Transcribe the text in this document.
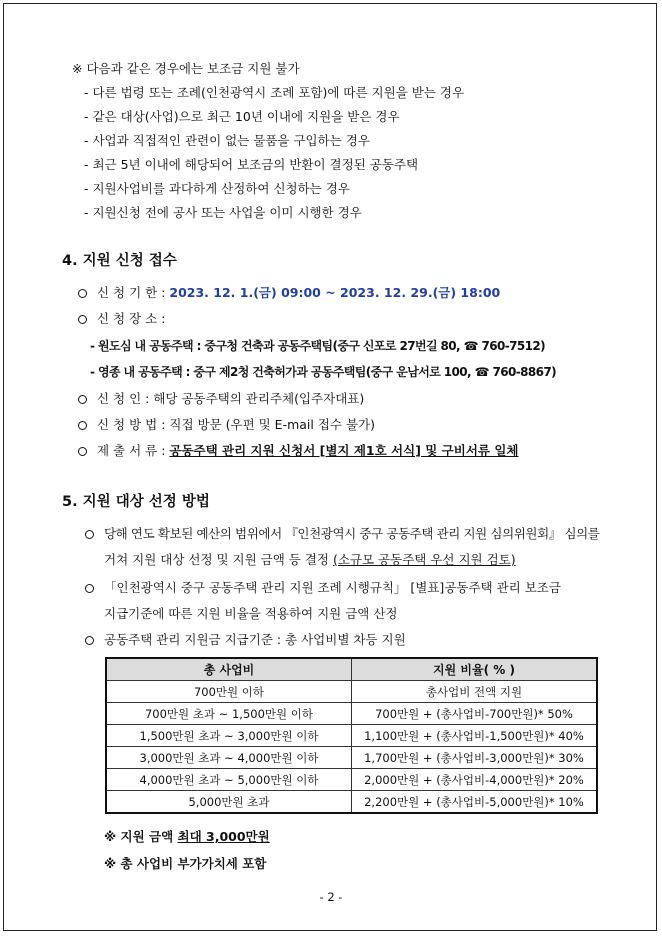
※ 다음과 같은 경우에는 보조금 지원 불가
- 다른 법령 또는 조례(인천광역시 조례 포함)에 따른 지원을 받는 경우
- 같은 대상(사업)으로 최근 10년 이내에 지원을 받은 경우
- 사업과 직접적인 관련이 없는 물품을 구입하는 경우
- 최근 5년 이내에 해당되어 보조금의 반환이 결정된 공동주택
- 지원사업비를 과다하게 산정하여 신청하는 경우
- 지원신청 전에 공사 또는 사업을 이미 시행한 경우
4. 지원 신청 접수
신 청 기 한 : 2023. 12. 1.(금) 09:00 ~ 2023. 12. 29.(금) 18:00
신 청 장 소 :
- 원도심 내 공동주택 : 중구청 건축과 공동주택팀(중구 신포로 27번길 80, ☎ 760-7512)
- 영종 내 공동주택 : 중구 제2청 건축허가과 공동주택팀(중구 운남서로 100, ☎ 760-8867)
신 청 인 : 해당 공동주택의 관리주체(입주자대표)
신 청 방 법 : 직접 방문 (우편 및 E-mail 접수 불가)
제 출 서 류 : 공동주택 관리 지원 신청서 [별지 제1호 서식] 및 구비서류 일체
5. 지원 대상 선정 방법
당해 연도 확보된 예산의 범위에서 『인천광역시 중구 공동주택 관리 지원 심의위원회』 심의를
거쳐 지원 대상 선정 및 지원 금액 등 결정 (소규모 공동주택 우선 지원 검토)
「인천광역시 중구 공동주택 관리 지원 조례 시행규칙」 [별표]공동주택 관리 보조금
지급기준에 따른 지원 비율을 적용하여 지원 금액 산정
공동주택 관리 지원금 지급기준 : 총 사업비별 차등 지원
총 사업비	지원 비율( % )
700만원 이하	총사업비 전액 지원
700만원 초과 ~ 1,500만원 이하	700만원 + (총사업비-700만원)* 50%
1,500만원 초과 ~ 3,000만원 이하	1,100만원 + (총사업비-1,500만원)* 40%
3,000만원 초과 ~ 4,000만원 이하	1,700만원 + (총사업비-3,000만원)* 30%
4,000만원 초과 ~ 5,000만원 이하	2,000만원 + (총사업비-4,000만원)* 20%
5,000만원 초과	2,200만원 + (총사업비-5,000만원)* 10%
※ 지원 금액 최대 3,000만원
※ 총 사업비 부가가치세 포함
- 2 -
